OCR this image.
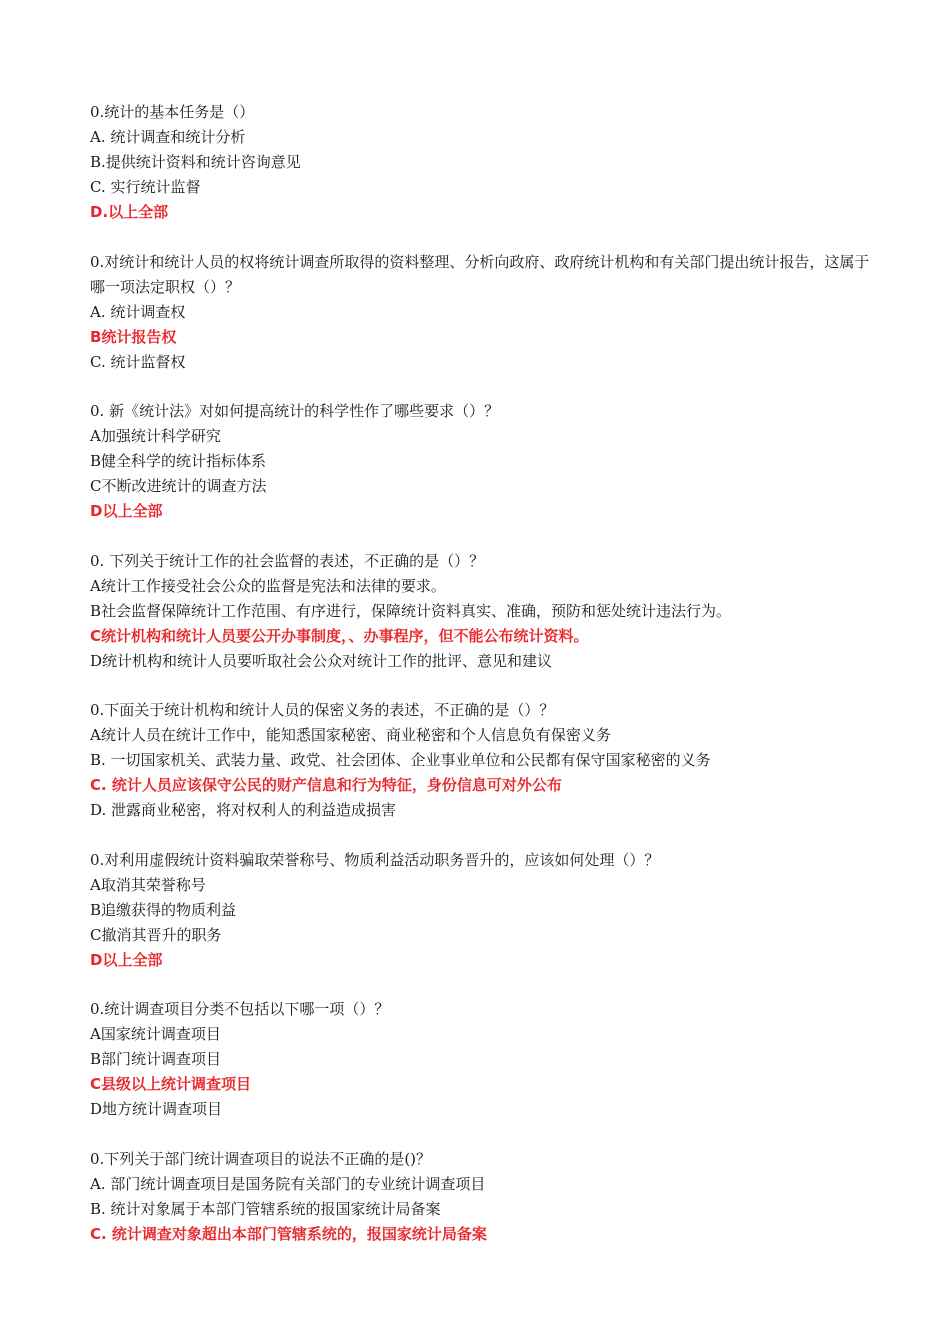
0.统计的基本任务是（）
A. 统计调查和统计分析
B.提供统计资料和统计咨询意见
C. 实行统计监督
D.以上全部
0.对统计和统计人员的权将统计调查所取得的资料整理、分析向政府、政府统计机构和有关部门提出统计报告，这属于哪一项法定职权（）？
A. 统计调查权
B统计报告权
C. 统计监督权
0. 新《统计法》对如何提高统计的科学性作了哪些要求（）？
A加强统计科学研究
B健全科学的统计指标体系
C不断改进统计的调查方法
D以上全部
0. 下列关于统计工作的社会监督的表述，不正确的是（）？
A统计工作接受社会公众的监督是宪法和法律的要求。
B社会监督保障统计工作范围、有序进行，保障统计资料真实、准确，预防和惩处统计违法行为。
C统计机构和统计人员要公开办事制度，、办事程序，但不能公布统计资料。
D统计机构和统计人员要听取社会公众对统计工作的批评、意见和建议
0.下面关于统计机构和统计人员的保密义务的表述，不正确的是（）？
A统计人员在统计工作中，能知悉国家秘密、商业秘密和个人信息负有保密义务
B. 一切国家机关、武装力量、政党、社会团体、企业事业单位和公民都有保守国家秘密的义务
C. 统计人员应该保守公民的财产信息和行为特征，身份信息可对外公布
D. 泄露商业秘密，将对权利人的利益造成损害
0.对利用虚假统计资料骗取荣誉称号、物质利益活动职务晋升的，应该如何处理（）？
A取消其荣誉称号
B追缴获得的物质利益
C撤消其晋升的职务
D以上全部
0.统计调查项目分类不包括以下哪一项（）？
A国家统计调查项目
B部门统计调查项目
C县级以上统计调查项目
D地方统计调查项目
0.下列关于部门统计调查项目的说法不正确的是()？
A. 部门统计调查项目是国务院有关部门的专业统计调查项目
B. 统计对象属于本部门管辖系统的报国家统计局备案
C. 统计调查对象超出本部门管辖系统的，报国家统计局备案
